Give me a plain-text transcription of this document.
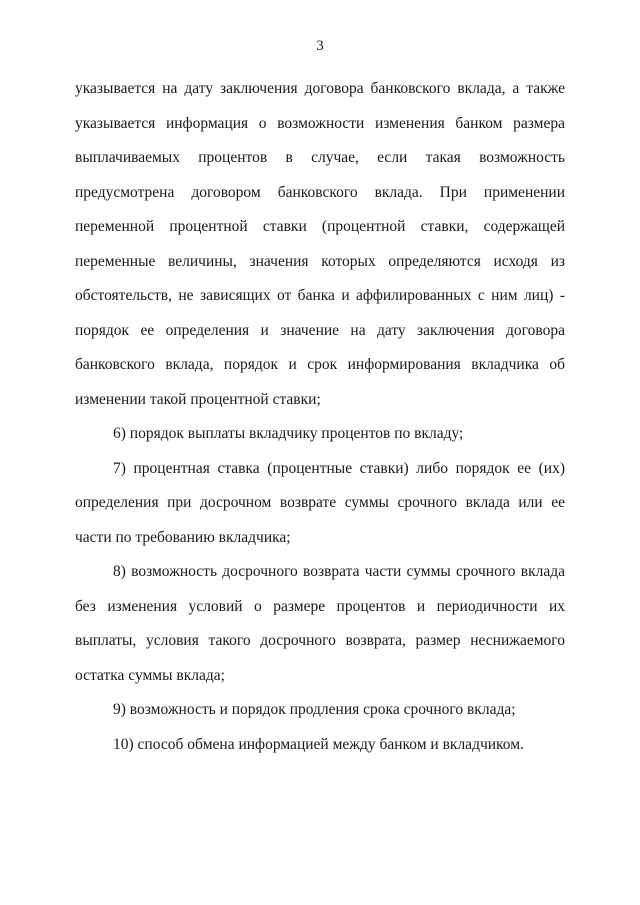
3

указывается на дату заключения договора банковского вклада, а также указывается информация о возможности изменения банком размера выплачиваемых процентов в случае, если такая возможность предусмотрена договором банковского вклада. При применении переменной процентной ставки (процентной ставки, содержащей переменные величины, значения которых определяются исходя из обстоятельств, не зависящих от банка и аффилированных с ним лиц) - порядок ее определения и значение на дату заключения договора банковского вклада, порядок и срок информирования вкладчика об изменении такой процентной ставки;

6) порядок выплаты вкладчику процентов по вкладу;

7) процентная ставка (процентные ставки) либо порядок ее (их) определения при досрочном возврате суммы срочного вклада или ее части по требованию вкладчика;

8) возможность досрочного возврата части суммы срочного вклада без изменения условий о размере процентов и периодичности их выплаты, условия такого досрочного возврата, размер неснижаемого остатка суммы вклада;

9) возможность и порядок продления срока срочного вклада;

10) способ обмена информацией между банком и вкладчиком.
